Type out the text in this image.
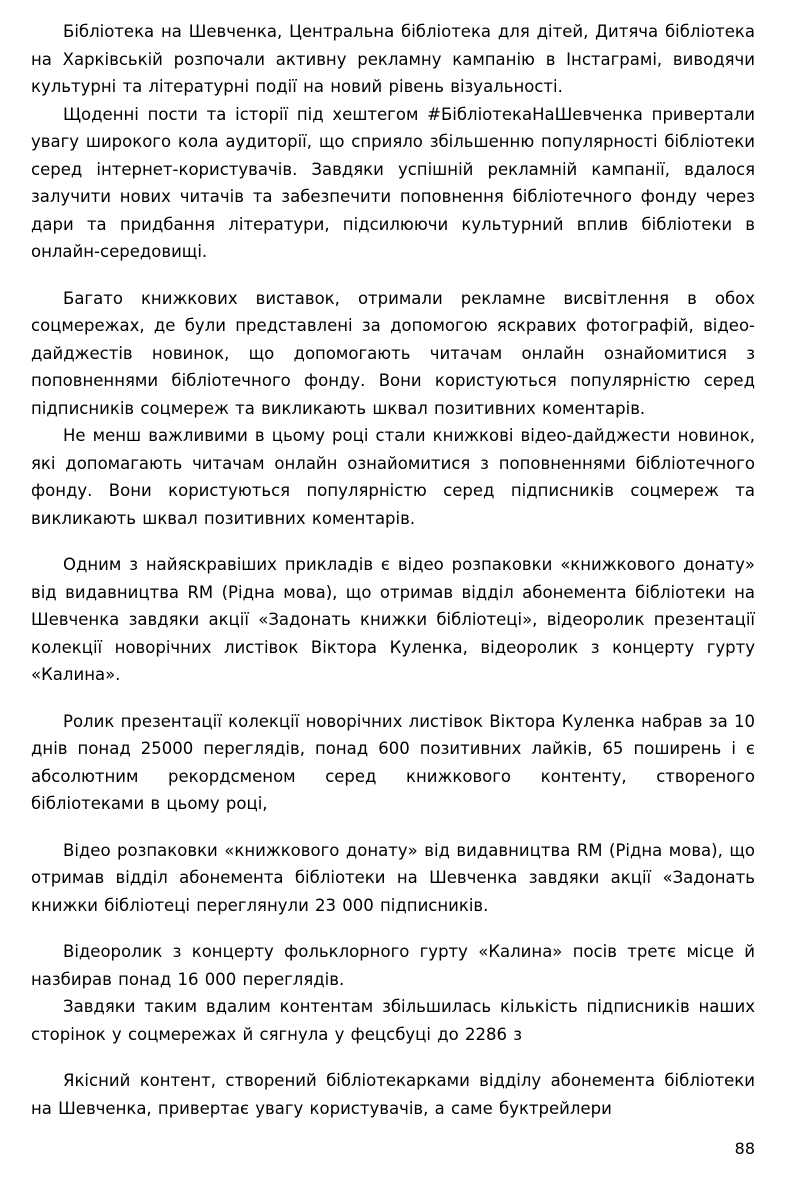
Бібліотека на Шевченка, Центральна бібліотека для дітей, Дитяча бібліотека на Харківській розпочали активну рекламну кампанію в Інстаграмі, виводячи культурні та літературні події на новий рівень візуальності.

Щоденні пости та історії під хештегом #БібліотекаНаШевченка привертали увагу широкого кола аудиторії, що сприяло збільшенню популярності бібліотеки серед інтернет-користувачів. Завдяки успішній рекламній кампанії, вдалося залучити нових читачів та забезпечити поповнення бібліотечного фонду через дари та придбання літератури, підсилюючи культурний вплив бібліотеки в онлайн-середовищі.

Багато книжкових виставок, отримали рекламне висвітлення в обох соцмережах, де були представлені за допомогою яскравих фотографій, відео-дайджестів новинок, що допомогають читачам онлайн ознайомитися з поповненнями бібліотечного фонду. Вони користуються популярністю серед підписників соцмереж та викликають шквал позитивних коментарів.

Не менш важливими в цьому році стали книжкові відео-дайджести новинок, які допомагають читачам онлайн ознайомитися з поповненнями бібліотечного фонду. Вони користуються популярністю серед підписників соцмереж та викликають шквал позитивних коментарів.

Одним з найяскравіших прикладів є відео розпаковки «книжкового донату» від видавництва RM (Рідна мова), що отримав відділ абонемента бібліотеки на Шевченка завдяки акції «Задонать книжки бібліотеці», відеоролик презентації колекції новорічних листівок Віктора Куленка, відеоролик з концерту гурту «Калина».

Ролик презентації колекції новорічних листівок Віктора Куленка набрав за 10 днів понад 25000 переглядів, понад 600 позитивних лайків, 65 поширень і є абсолютним рекордсменом серед книжкового контенту, створеного бібліотеками в цьому році,

Відео розпаковки «книжкового донату» від видавництва RM (Рідна мова), що отримав відділ абонемента бібліотеки на Шевченка завдяки акції «Задонать книжки бібліотеці переглянули 23 000 підписників.

Відеоролик з концерту фольклорного гурту «Калина» посів третє місце й назбирав понад 16 000 переглядів.

Завдяки таким вдалим контентам збільшилась кількість підписників наших сторінок у соцмережах й сягнула у фецсбуці до 2286 з

Якісний контент, створений бібліотекарками відділу абонемента бібліотеки на Шевченка, привертає увагу користувачів, а саме буктрейлери

88
